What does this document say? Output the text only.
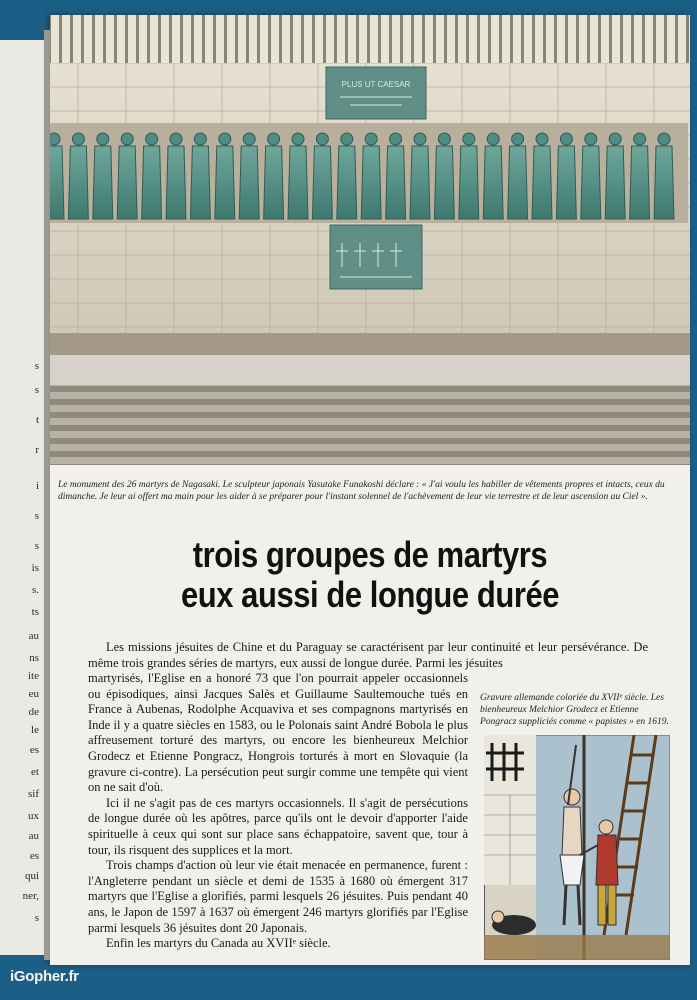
s
s
t
r
i
s
s
is
s.
ts
au
ns
ite
eu
de
le
es
et
sif
ux
au
es
qui
ner,
s
PLUS UT CAESAR
Le monument des 26 martyrs de Nagasaki. Le sculpteur japonais Yasutake Funakoshi déclare : « J'ai voulu les habiller de vêtements propres et intacts, ceux du dimanche. Je leur ai offert ma main pour les aider à se préparer pour l'instant solennel de l'achèvement de leur vie terrestre et de leur ascension au Ciel ».
trois groupes de martyrs
eux aussi de longue durée

Les missions jésuites de Chine et du Paraguay se caractérisent par leur continuité et leur persévérance. De même trois grandes séries de martyrs, eux aussi de longue durée. Parmi les jésuites

martyrisés, l'Eglise en a honoré 73 que l'on pourrait appeler occasionnels ou épisodiques, ainsi Jacques Salès et Guillaume Saultemouche tués en France à Aubenas, Rodolphe Acquaviva et ses compagnons martyrisés en Inde il y a quatre siècles en 1583, ou le Polonais saint André Bobola le plus affreusement torturé des martyrs, ou encore les bienheureux Melchior Grodecz et Etienne Pongracz, Hongrois torturés à mort en Slovaquie (la gravure ci-contre). La persécution peut surgir comme une tempête qui vient on ne sait d'où.

Ici il ne s'agit pas de ces martyrs occasionnels. Il s'agit de persécutions de longue durée où les apôtres, parce qu'ils ont le devoir d'apporter l'aide spirituelle à ceux qui sont sur place sans échappatoire, savent que, tour à tour, ils risquent des supplices et la mort.

Trois champs d'action où leur vie était menacée en permanence, furent : l'Angleterre pendant un siècle et demi de 1535 à 1680 où émergent 317 martyrs que l'Eglise a glorifiés, parmi lesquels 26 jésuites. Puis pendant 40 ans, le Japon de 1597 à 1637 où émergent 246 martyrs glorifiés par l'Eglise parmi lesquels 36 jésuites dont 20 Japonais.

Enfin les martyrs du Canada au XVIIᵉ siècle.

Gravure allemande coloriée du XVIIᵉ siècle. Les bienheureux Melchior Grodecz et Etienne Pongracz suppliciés comme « papistes » en 1619.
iGopher.fr
